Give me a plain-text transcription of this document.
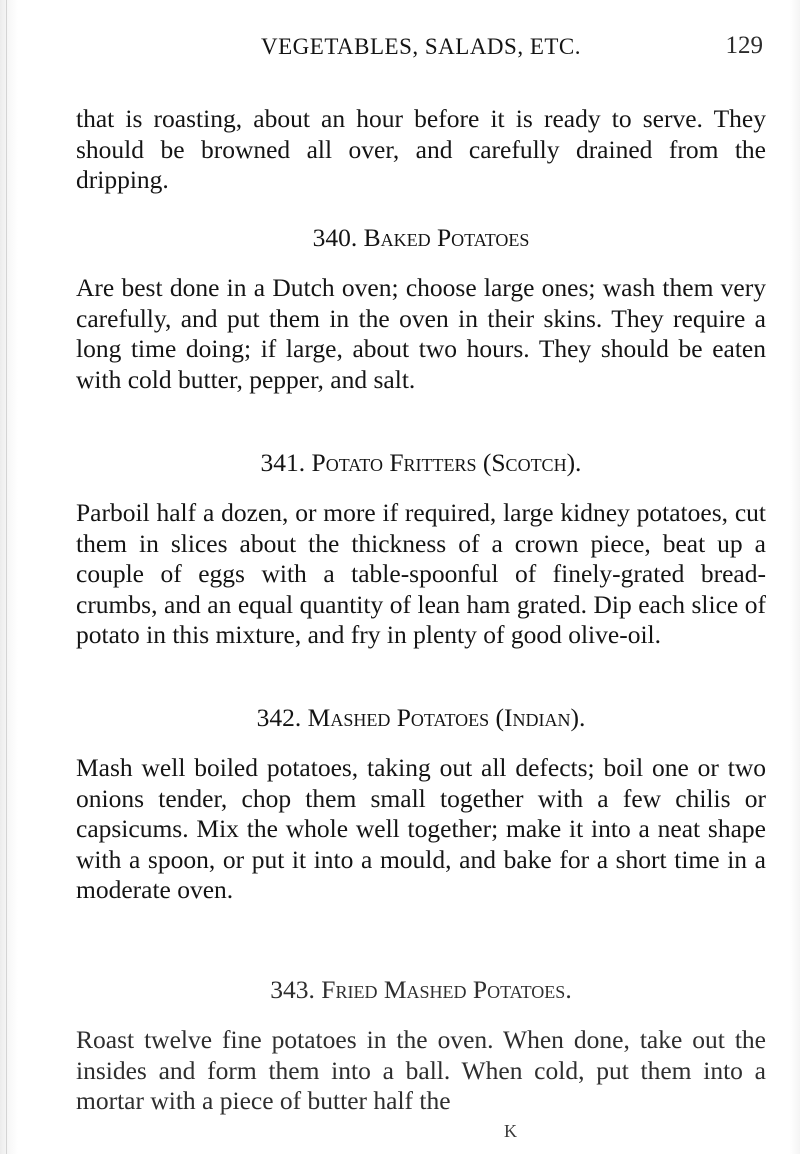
VEGETABLES, SALADS, ETC.	129

that is roasting, about an hour before it is ready to serve. They should be browned all over, and carefully drained from the dripping.

340. Baked Potatoes

Are best done in a Dutch oven; choose large ones; wash them very carefully, and put them in the oven in their skins. They require a long time doing; if large, about two hours. They should be eaten with cold butter, pepper, and salt.

341. Potato Fritters (Scotch).

Parboil half a dozen, or more if required, large kidney potatoes, cut them in slices about the thickness of a crown piece, beat up a couple of eggs with a table-spoonful of finely-grated bread-crumbs, and an equal quantity of lean ham grated. Dip each slice of potato in this mixture, and fry in plenty of good olive-oil.

342. Mashed Potatoes (Indian).

Mash well boiled potatoes, taking out all defects; boil one or two onions tender, chop them small together with a few chilis or capsicums. Mix the whole well together; make it into a neat shape with a spoon, or put it into a mould, and bake for a short time in a moderate oven.

343. Fried Mashed Potatoes.

Roast twelve fine potatoes in the oven. When done, take out the insides and form them into a ball. When cold, put them into a mortar with a piece of butter half the

K
